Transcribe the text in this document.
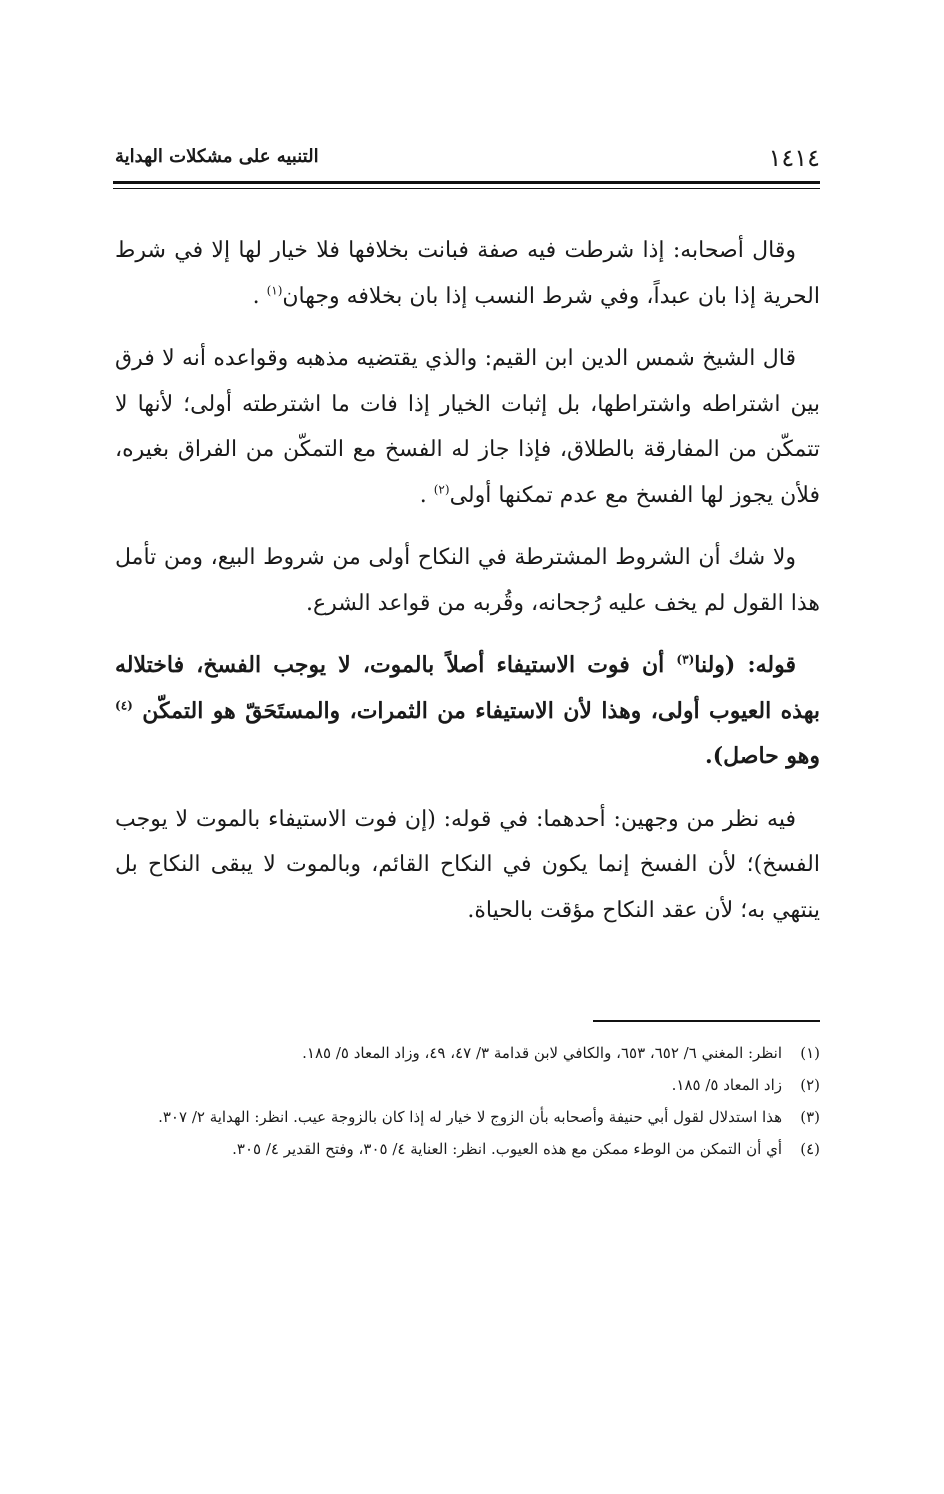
١٤١٤
التنبيه على مشكلات الهداية

وقال أصحابه: إذا شرطت فيه صفة فبانت بخلافها فلا خيار لها إلا في شرط الحرية إذا بان عبداً، وفي شرط النسب إذا بان بخلافه وجهان$^{(١)}$ .

قال الشيخ شمس الدين ابن القيم: والذي يقتضيه مذهبه وقواعده أنه لا فرق بين اشتراطه واشتراطها، بل إثبات الخيار إذا فات ما اشترطته أولى؛ لأنها لا تتمكّن من المفارقة بالطلاق، فإذا جاز له الفسخ مع التمكّن من الفراق بغيره، فلأن يجوز لها الفسخ مع عدم تمكنها أولى$^{(٢)}$ .

ولا شك أن الشروط المشترطة في النكاح أولى من شروط البيع، ومن تأمل هذا القول لم يخف عليه رُجحانه، وقُربه من قواعد الشرع.

قوله: (ولنا$^{(٣)}$ أن فوت الاستيفاء أصلاً بالموت، لا يوجب الفسخ، فاختلاله بهذه العيوب أولى، وهذا لأن الاستيفاء من الثمرات، والمستَحَقّ هو التمكّن $^{(٤)}$ وهو حاصل).

فيه نظر من وجهين: أحدهما: في قوله: (إن فوت الاستيفاء بالموت لا يوجب الفسخ)؛ لأن الفسخ إنما يكون في النكاح القائم، وبالموت لا يبقى النكاح بل ينتهي به؛ لأن عقد النكاح مؤقت بالحياة.

(١)
انظر: المغني ٦/ ٦٥٢، ٦٥٣، والكافي لابن قدامة ٣/ ٤٧، ٤٩، وزاد المعاد ٥/ ١٨٥.
(٢)
زاد المعاد ٥/ ١٨٥.
(٣)
هذا استدلال لقول أبي حنيفة وأصحابه بأن الزوج لا خيار له إذا كان بالزوجة عيب. انظر: الهداية ٢/ ٣٠٧.
(٤)
أي أن التمكن من الوطء ممكن مع هذه العيوب. انظر: العناية ٤/ ٣٠٥، وفتح القدير ٤/ ٣٠٥.
